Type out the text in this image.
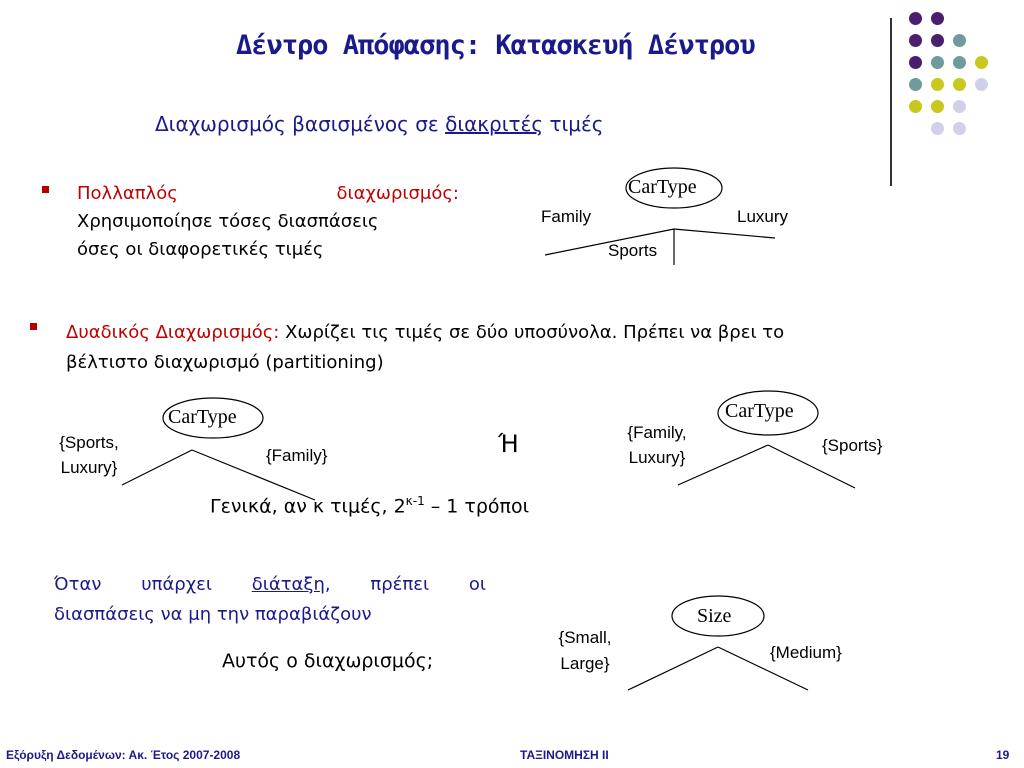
Δέντρο Απόφασης: Κατασκευή Δέντρου
Διαχωρισμός βασισμένος σε διακριτές τιμές
Πολλαπλός	διαχωρισμός:
Χρησιμοποίησε τόσες διασπάσεις
όσες οι διαφορετικές τιμές
Δυαδικός Διαχωρισμός: Χωρίζει τις τιμές σε δύο υποσύνολα. Πρέπει να βρει το
βέλτιστο διαχωρισμό (partitioning)
CarType
Family
Sports
Luxury
CarType
{Sports,
Luxury}
{Family}	Ή
CarType
{Family,
Luxury}
{Sports}
Γενικά, αν κ τιμές, $2^{\kappa-1} - 1$ τρόποι
Όταν υπάρχει διάταξη, πρέπει οι
διασπάσεις να μη την παραβιάζουν
Αυτός ο διαχωρισμός;
Size
{Small,
Large}
{Medium}
Εξόρυξη Δεδομένων: Ακ. Έτος 2007-2008	ΤΑΞΙΝΟΜΗΣΗ ΙΙ	19
